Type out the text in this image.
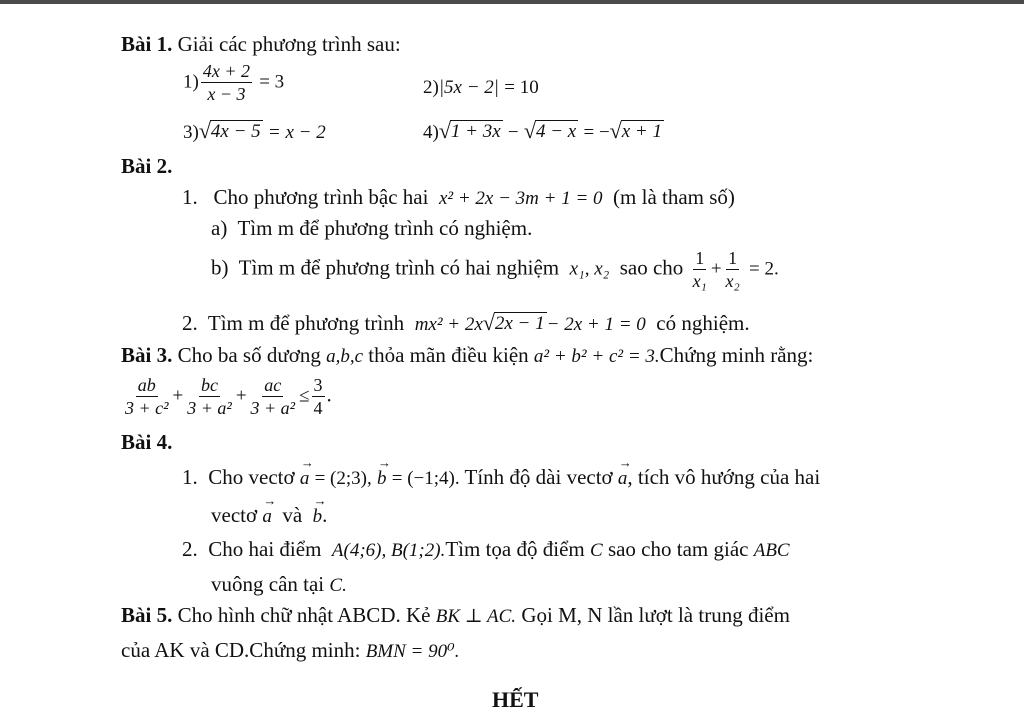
Bài 1. Giải các phương trình sau:
$1) \frac{4x + 2}{x - 3} = 3$	2)|5x − 2| = 10
3) √ 4x − 5 = x − 2	4) √ 1 + 3x − √ 4 − x = − √ x + 1
Bài 2.
1. Cho phương trình bậc hai x² + 2x − 3m + 1 = 0 (m là tham số)
a) Tìm m để phương trình có nghiệm.
b) Tìm m để phương trình có hai nghiệm x₁, x₂ sao cho $\frac{1}{\text{x₁}} + \frac{1}{\text{x₂}} = 2$.
2. Tìm m để phương trình mx² + 2x √ 2x − 1 − 2x + 1 = 0 có nghiệm.
Bài 3. Cho ba số dương a,b,c thỏa mãn điều kiện a² + b² + c² = 3.Chứng minh rằng:
$\frac{ab}{\text{3 + c²}} + \frac{bc}{\text{3 + a²}} + \frac{ac}{\text{3 + a²}} \le \frac{3}{4}$ .
Bài 4.
1. Cho vectơ → a = (2;3), → b = (−1;4). Tính độ dài vectơ → a, tích vô hướng của hai
vectơ → a và → b.
2. Cho hai điểm A(4;6), B(1;2).Tìm tọa độ điểm C sao cho tam giác ABC
vuông cân tại C.
Bài 5. Cho hình chữ nhật ABCD. Kẻ BK ⊥ AC. Gọi M, N lần lượt là trung điểm
của AK và CD.Chứng minh: BMN = 90⁰.
HẾT
